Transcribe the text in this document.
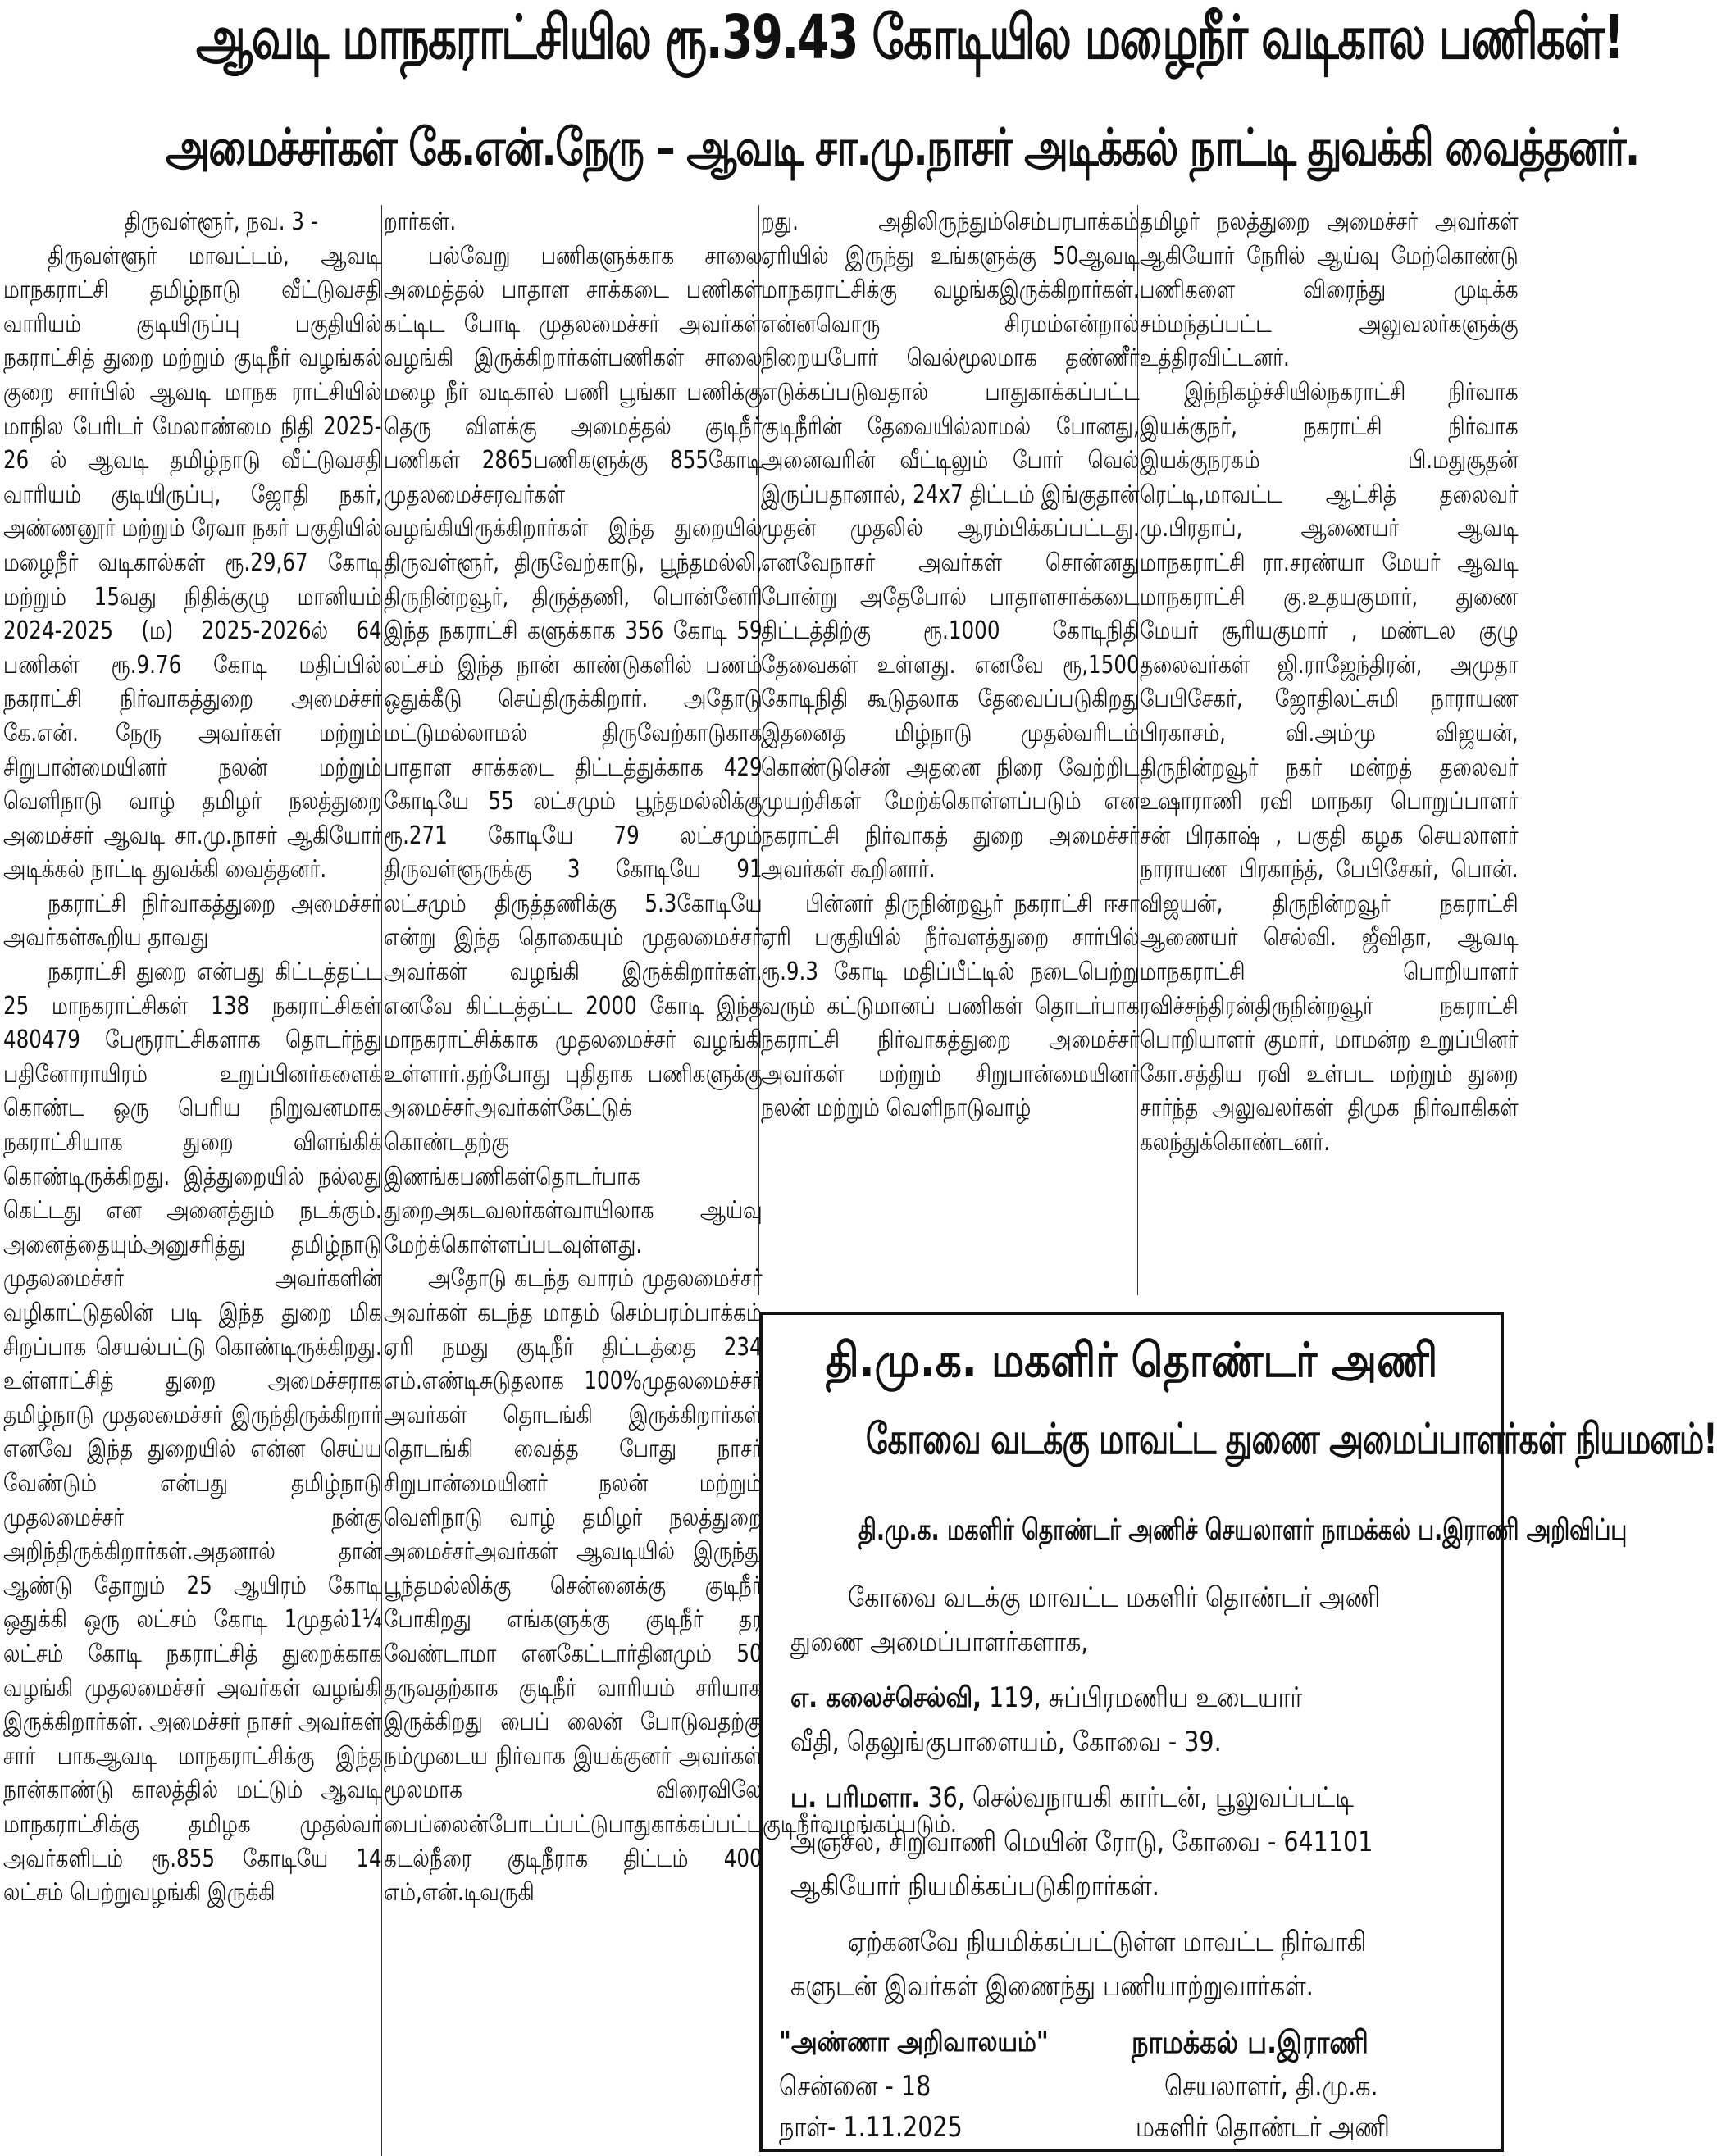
ஆவடி மாநகராட்சியில ரூ.39.43 கோடியில மழைநீர் வடிகால பணிகள்!
அமைச்சர்கள் கே.என்.நேரு – ஆவடி சா.மு.நாசர் அடிக்கல் நாட்டி துவக்கி வைத்தனர்.

திருவள்ளூர், நவ. 3 -

திருவள்ளூர் மாவட்டம், ஆவடி மாநகராட்சி தமிழ்நாடு வீட்டுவசதி வாரியம் குடியிருப்பு பகுதியில் நகராட்சித் துறை மற்றும் குடிநீர் வழங்கல் குறை சார்பில் ஆவடி மாநக ராட்சியில் மாநில பேரிடர் மேலாண்மை நிதி 2025-26 ல் ஆவடி தமிழ்நாடு வீட்டுவசதி வாரியம் குடியிருப்பு, ஜோதி நகர், அண்ணனூர் மற்றும் ரேவா நகர் பகுதியில் மழைநீர் வடிகால்கள் ரூ.29,67 கோடி மற்றும் 15வது நிதிக்குழு மானியம் 2024-2025 (ம) 2025-2026ல் 64 பணிகள் ரூ.9.76 கோடி மதிப்பில் நகராட்சி நிர்வாகத்துறை அமைச்சர் கே.என். நேரு அவர்கள் மற்றும் சிறுபான்மையினர் நலன் மற்றும் வெளிநாடு வாழ் தமிழர் நலத்துறை அமைச்சர் ஆவடி சா.மு.நாசர் ஆகியோர் அடிக்கல் நாட்டி துவக்கி வைத்தனர்.

நகராட்சி நிர்வாகத்துறை அமைச்சர் அவர்கள்கூறிய தாவது

நகராட்சி துறை என்பது கிட்டத்தட்ட 25 மாநகராட்சிகள் 138 நகராட்சிகள் 480479 பேரூராட்சிகளாக தொடர்ந்து பதினோராயிரம் உறுப்பினர்களைக் கொண்ட ஒரு பெரிய நிறுவனமாக நகராட்சியாக துறை விளங்கிக் கொண்டிருக்கிறது. இத்துறையில் நல்லது கெட்டது என அனைத்தும் நடக்கும். அனைத்தையும்அனுசரித்து தமிழ்நாடு முதலமைச்சர் அவர்களின் வழிகாட்டுதலின் படி இந்த துறை மிக சிறப்பாக செயல்பட்டு கொண்டிருக்கிறது. உள்ளாட்சித் துறை அமைச்சராக தமிழ்நாடு முதலமைச்சர் இருந்திருக்கிறார் எனவே இந்த துறையில் என்ன செய்ய வேண்டும் என்பது தமிழ்நாடு முதலமைச்சர் நன்கு அறிந்திருக்கிறார்கள்.அதனால் தான் ஆண்டு தோறும் 25 ஆயிரம் கோடி ஒதுக்கி ஒரு லட்சம் கோடி 1முதல்1¼ லட்சம் கோடி நகராட்சித் துறைக்காக வழங்கி முதலமைச்சர் அவர்கள் வழங்கி இருக்கிறார்கள். அமைச்சர் நாசர் அவர்கள் சார் பாகஆவடி மாநகராட்சிக்கு இந்த நான்காண்டு காலத்தில் மட்டும் ஆவடி மாநகராட்சிக்கு தமிழக முதல்வர் அவர்களிடம் ரூ.855 கோடியே 14 லட்சம் பெற்றுவழங்கி இருக்கி

றார்கள்.

பல்வேறு பணிகளுக்காக சாலை அமைத்தல் பாதாள சாக்கடை பணிகள் கட்டிட போடி முதலமைச்சர் அவர்கள் வழங்கி இருக்கிறார்கள்பணிகள் சாலை மழை நீர் வடிகால் பணி பூங்கா பணிக்கு தெரு விளக்கு அமைத்தல் குடிநீர் பணிகள் 2865பணிகளுக்கு 855கோடி முதலமைச்சரவர்கள் வழங்கியிருக்கிறார்கள் இந்த துறையில் திருவள்ளூர், திருவேற்காடு, பூந்தமல்லி, திருநின்றவூர், திருத்தணி, பொன்னேரி இந்த நகராட்சி களுக்காக 356 கோடி 59 லட்சம் இந்த நான் காண்டுகளில் பணம் ஒதுக்கீடு செய்திருக்கிறார். அதோடு மட்டுமல்லாமல் திருவேற்காடுகாக பாதாள சாக்கடை திட்டத்துக்காக 429 கோடியே 55 லட்சமும் பூந்தமல்லிக்கு ரூ.271 கோடியே 79 லட்சமும் திருவள்ளூருக்கு 3 கோடியே 91 லட்சமும் திருத்தணிக்கு 5.3கோடியே என்று இந்த தொகையும் முதலமைச்சர் அவர்கள் வழங்கி இருக்கிறார்கள். எனவே கிட்டத்தட்ட 2000 கோடி இந்த மாநகராட்சிக்காக முதலமைச்சர் வழங்கி உள்ளார்.தற்போது புதிதாக பணிகளுக்கு அமைச்சர்அவர்கள்கேட்டுக் கொண்டதற்கு இணங்கபணிகள்தொடர்பாக துறைஅகடவலர்கள்வாயிலாக ஆய்வு மேற்க்கொள்ளப்படவுள்ளது.

அதோடு கடந்த வாரம் முதலமைச்சர் அவர்கள் கடந்த மாதம் செம்பரம்பாக்கம் ஏரி நமது குடிநீர் திட்டத்தை 234 எம்.எண்டிசுடுதலாக 100%முதலமைச்சர் அவர்கள் தொடங்கி இருக்கிறார்கள் தொடங்கி வைத்த போது நாசர் சிறுபான்மையினர் நலன் மற்றும் வெளிநாடு வாழ் தமிழர் நலத்துறை அமைச்சர்அவர்கள் ஆவடியில் இருந்து பூந்தமல்லிக்கு சென்னைக்கு குடிநீர் போகிறது எங்களுக்கு குடிநீர் தர வேண்டாமா எனகேட்டார்தினமும் 50 தருவதற்காக குடிநீர் வாரியம் சரியாக இருக்கிறது பைப் லைன் போடுவதற்கு நம்முடைய நிர்வாக இயக்குனர் அவர்கள் மூலமாக விரைவிலே பைப்லைன்போடப்பட்டுபாதுகாக்கப்பட்டகுடிநீர்வழங்கப்படும். கடல்நீரை குடிநீராக திட்டம் 400 எம்,என்.டிவருகி

றது. அதிலிருந்தும்செம்பரபாக்கம் ஏரியில் இருந்து உங்களுக்கு 50ஆவடி மாநகராட்சிக்கு வழங்கஇருக்கிறார்கள். என்னவொரு சிரமம்என்றால் நிறையபோர் வெல்மூலமாக தண்ணீர் எடுக்கப்படுவதால் பாதுகாக்கப்பட்ட குடிநீரின் தேவையில்லாமல் போனது, அனைவரின் வீட்டிலும் போர் வெல் இருப்பதானால், 24x7 திட்டம் இங்குதான் முதன் முதலில் ஆரம்பிக்கப்பட்டது. எனவேநாசர் அவர்கள் சொன்னது போன்று அதேபோல் பாதாளசாக்கடை திட்டத்திற்கு ரூ.1000 கோடிநிதி தேவைகள் உள்ளது. எனவே ரூ,1500 கோடிநிதி கூடுதலாக தேவைப்படுகிறது இதனைத மிழ்நாடு முதல்வரிடம் கொண்டுசென் அதனை நிரை வேற்றிட முயற்சிகள் மேற்க்கொள்ளப்படும் என நகராட்சி நிர்வாகத் துறை அமைச்சர் அவர்கள் கூறினார்.

பின்னர் திருநின்றவூர் நகராட்சி ஈசா ஏரி பகுதியில் நீர்வளத்துறை சார்பில் ரூ.9.3 கோடி மதிப்பீட்டில் நடைபெற்று வரும் கட்டுமானப் பணிகள் தொடர்பாக நகராட்சி நிர்வாகத்துறை அமைச்சர் அவர்கள் மற்றும் சிறுபான்மையினர் நலன் மற்றும் வெளிநாடுவாழ்

தமிழர் நலத்துறை அமைச்சர் அவர்கள் ஆகியோர் நேரில் ஆய்வு மேற்கொண்டு பணிகளை விரைந்து முடிக்க சம்மந்தப்பட்ட அலுவலர்களுக்கு உத்திரவிட்டனர்.

இந்நிகழ்ச்சியில்நகராட்சி நிர்வாக இயக்குநர், நகராட்சி நிர்வாக இயக்குநரகம் பி.மதுசூதன் ரெட்டி,மாவட்ட ஆட்சித் தலைவர் மு.பிரதாப், ஆணையர் ஆவடி மாநகராட்சி ரா.சரண்யா மேயர் ஆவடி மாநகராட்சி கு.உதயகுமார், துணை மேயர் சூரியகுமார் , மண்டல குழு தலைவர்கள் ஜி.ராஜேந்திரன், அமுதா பேபிசேகர், ஜோதிலட்சுமி நாராயண பிரகாசம், வி.அம்மு விஜயன், திருநின்றவூர் நகர் மன்றத் தலைவர் உஷாராணி ரவி மாநகர பொறுப்பாளர் சன் பிரகாஷ் , பகுதி கழக செயலாளர் நாராயண பிரகாந்த், பேபிசேகர், பொன். விஜயன், திருநின்றவூர் நகராட்சி ஆணையர் செல்வி. ஜீவிதா, ஆவடி மாநகராட்சி பொறியாளர் ரவிச்சந்திரன்திருநின்றவூர் நகராட்சி பொறியாளர் குமார், மாமன்ற உறுப்பினர் கோ.சத்திய ரவி உள்பட மற்றும் துறை சார்ந்த அலுவலர்கள் திமுக நிர்வாகிகள் கலந்துக்கொண்டனர்.

தி.மு.க. மகளிர் தொண்டர் அணி
கோவை வடக்கு மாவட்ட துணை அமைப்பாளர்கள் நியமனம்!
தி.மு.க. மகளிர் தொண்டர் அணிச் செயலாளர் நாமக்கல் ப.இராணி அறிவிப்பு
கோவை வடக்கு மாவட்ட மகளிர் தொண்டர் அணி
துணை அமைப்பாளர்களாக,
எ. கலைச்செல்வி, 119, சுப்பிரமணிய உடையார்
வீதி, தெலுங்குபாளையம், கோவை - 39.
ப. பரிமளா. 36, செல்வநாயகி கார்டன், பூலுவப்பட்டி
அஞ்சல், சிறுவாணி மெயின் ரோடு, கோவை - 641101
ஆகியோர் நியமிக்கப்படுகிறார்கள்.
ஏற்கனவே நியமிக்கப்பட்டுள்ள மாவட்ட நிர்வாகி
களுடன் இவர்கள் இணைந்து பணியாற்றுவார்கள்.
"அண்ணா அறிவாலயம்"
சென்னை - 18
நாள்- 1.11.2025
நாமக்கல் ப.இராணி
செயலாளர், தி.மு.க.
மகளிர் தொண்டர் அணி
